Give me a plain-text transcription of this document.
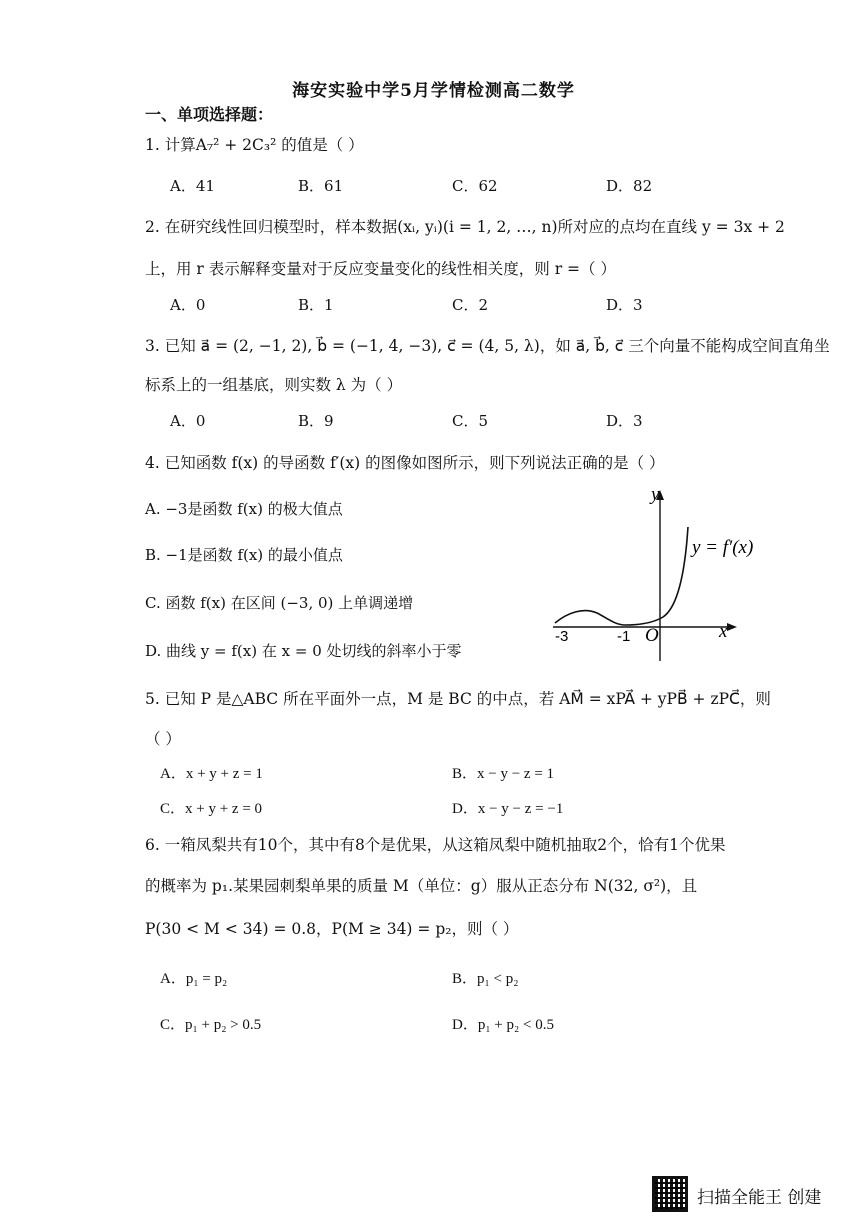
海安实验中学5月学情检测高二数学
一、单项选择题：
1. 计算A₇² + 2C₃² 的值是（ ）
A．41	B．61	C．62	D．82
2. 在研究线性回归模型时，样本数据(xᵢ, yᵢ)(i = 1, 2, …, n)所对应的点均在直线 y = 3x + 2
上，用 r 表示解释变量对于反应变量变化的线性相关度，则 r =（ ）
A．0	B．1	C．2	D．3
3. 已知 a⃗ = (2, −1, 2), b⃗ = (−1, 4, −3), c⃗ = (4, 5, λ)，如 a⃗, b⃗, c⃗ 三个向量不能构成空间直角坐
标系上的一组基底，则实数 λ 为（ ）
A．0	B．9	C．5	D．3
4. 已知函数 f(x) 的导函数 f′(x) 的图像如图所示，则下列说法正确的是（ ）
A. −3是函数 f(x) 的极大值点
B. −1是函数 f(x) 的最小值点
C. 函数 f(x) 在区间 (−3, 0) 上单调递增
D. 曲线 y = f(x) 在 x = 0 处切线的斜率小于零
y
x
y = f′(x)
-3	-1 O
5. 已知 P 是△ABC 所在平面外一点，M 是 BC 的中点，若 AM⃗ = xPA⃗ + yPB⃗ + zPC⃗，则
（ ）
A．x + y + z = 1	B．x − y − z = 1
C．x + y + z = 0	D．x − y − z = −1
6. 一箱凤梨共有10个，其中有8个是优果，从这箱凤梨中随机抽取2个，恰有1个优果
的概率为 p₁.某果园刺梨单果的质量 M（单位：g）服从正态分布 N(32, σ²)，且
P(30 < M < 34) = 0.8，P(M ≥ 34) = p₂，则（ ）
A．p₁ = p₂	B．p₁ < p₂
C．p₁ + p₂ > 0.5	D．p₁ + p₂ < 0.5
扫描全能王 创建
